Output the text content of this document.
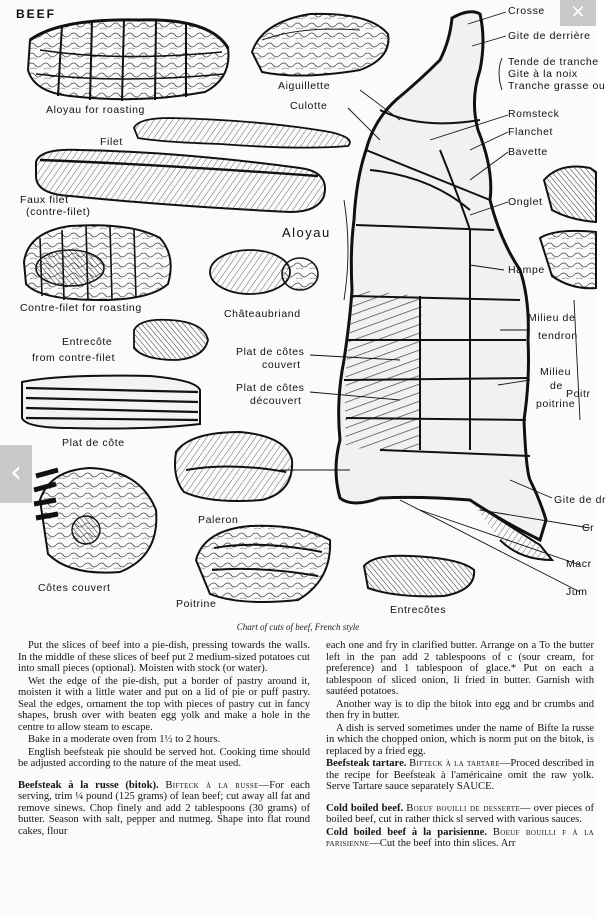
BEEF
Aloyau for roasting
Filet
Faux filet
(contre-filet)
Contre-filet for roasting
Entrecôte
from contre-filet
Plat de côte
Côtes couvert
Aiguillette
Culotte
Aloyau
Châteaubriand
Plat de côtes
couvert
Plat de côtes
découvert
Paleron
Poitrine	Entrecôtes
Crosse
Gite de derrière
Tende de tranche
Gite à la noix
Tranche grasse ou
Romsteck
Flanchet
Bavette
Onglet
Hampe
Milieu de
tendron
Milieu
de
poitrine
Poitr
Gite de dr
Cr
Macr
Jum
Chart of cuts of beef, French style

Put the slices of beef into a pie-dish, pressing towards the walls. In the middle of these slices of beef put 2 medium-sized potatoes cut into small pieces (optional). Moisten with stock (or water).

Wet the edge of the pie-dish, put a border of pastry around it, moisten it with a little water and put on a lid of pie or puff pastry. Seal the edges, ornament the top with pieces of pastry cut in fancy shapes, brush over with beaten egg yolk and make a hole in the centre to allow steam to escape.

Bake in a moderate oven from 1½ to 2 hours.

English beefsteak pie should be served hot. Cooking time should be adjusted according to the nature of the meat used.

Beefsteak à la russe (bitok). Bifteck à la russe—For each serving, trim ¼ pound (125 grams) of lean beef; cut away all fat and remove sinews. Chop finely and add 2 tablespoons (30 grams) of butter. Season with salt, pepper and nutmeg. Shape into flat round cakes, flour

each one and fry in clarified butter. Arrange on a To the butter left in the pan add 2 tablespoons of c (sour cream, for preference) and 1 tablespoon of glace.* Put on each a tablespoon of sliced onion, li fried in butter. Garnish with sautéed potatoes.

Another way is to dip the bitok into egg and br crumbs and then fry in butter.

A dish is served sometimes under the name of Bifte la russe in which the chopped onion, which is norm put on the bitok, is replaced by a fried egg.

Beefsteak tartare. Bifteck à la tartare—Proced described in the recipe for Beefsteak à l'américaine omit the raw yolk. Serve Tartare sauce separately SAUCE.

Cold boiled beef. Boeuf bouilli de desserte— over pieces of boiled beef, cut in rather thick sl served with various sauces.

Cold boiled beef à la parisienne. Boeuf bouilli f à la parisienne—Cut the beef into thin slices. Arr

✕
‹
